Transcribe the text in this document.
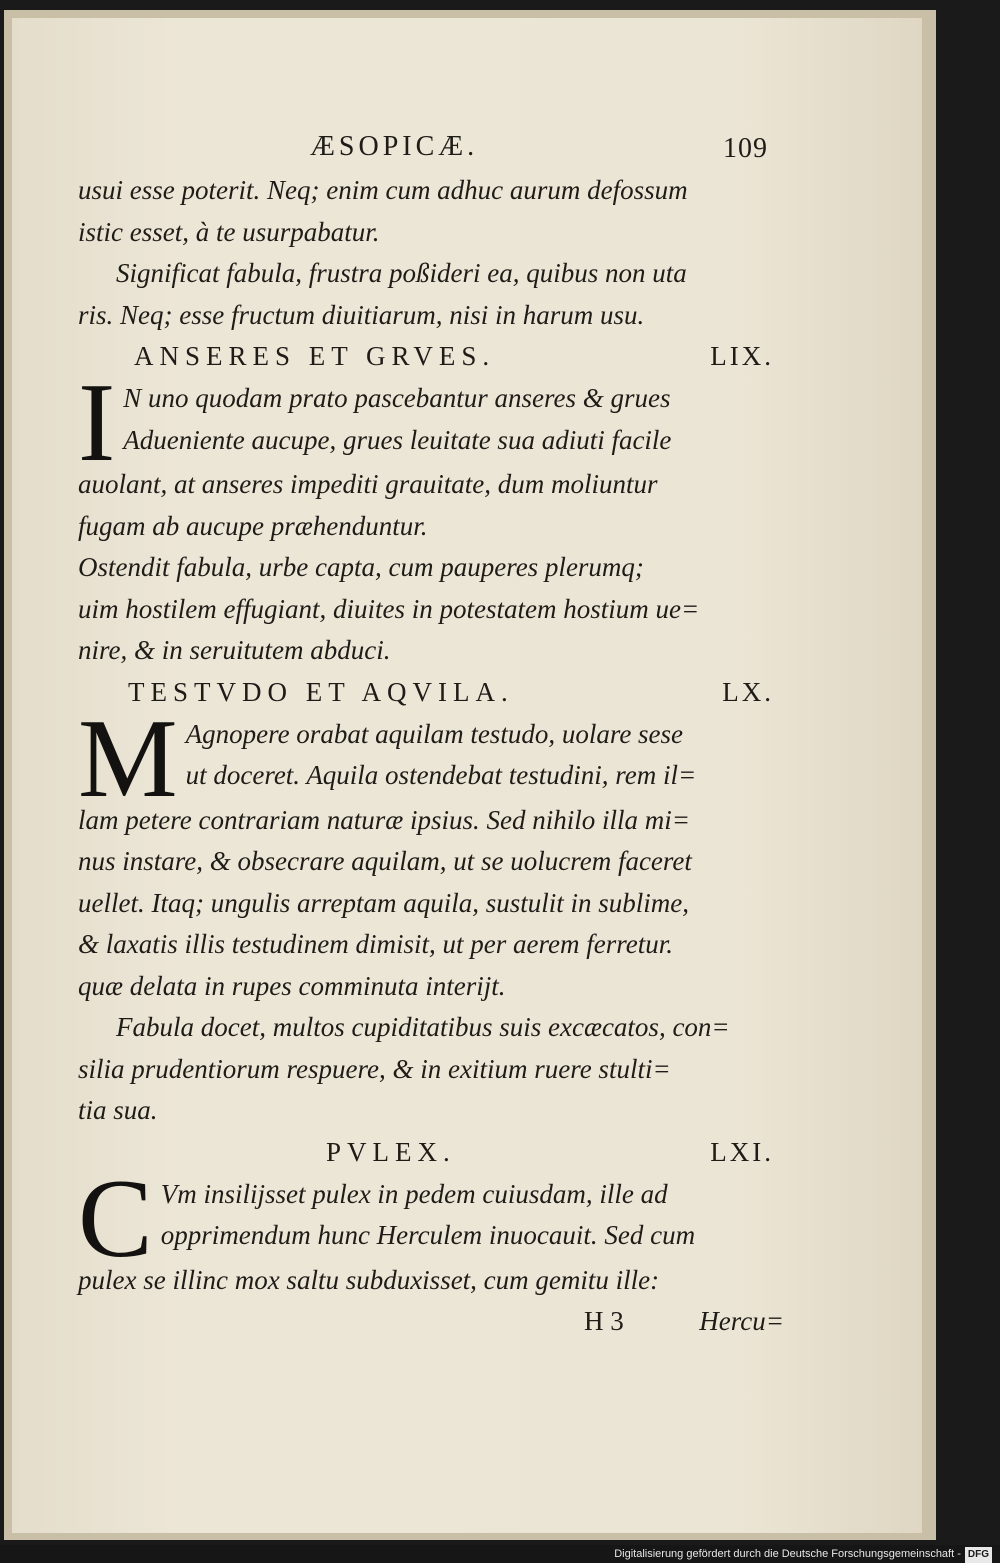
ÆSOPICÆ.	109
usui esse poterit. Neq; enim cum adhuc aurum defossum
istic esset, à te usurpabatur.
Significat fabula, frustra poßideri ea, quibus non uta
ris. Neq; esse fructum diuitiarum, nisi in harum usu.
ANSERES ET GRVES.	LIX.
I N uno quodam prato pascebantur anseres & grues
Adueniente aucupe, grues leuitate sua adiuti facile
auolant, at anseres impediti grauitate, dum moliuntur
fugam ab aucupe præhenduntur.
Ostendit fabula, urbe capta, cum pauperes plerumq;
uim hostilem effugiant, diuites in potestatem hostium ue=
nire, & in seruitutem abduci.
TESTVDO ET AQVILA.	LX.
M Agnopere orabat aquilam testudo, uolare sese
ut doceret. Aquila ostendebat testudini, rem il=
lam petere contrariam naturæ ipsius. Sed nihilo illa mi=
nus instare, & obsecrare aquilam, ut se uolucrem faceret
uellet. Itaq; ungulis arreptam aquila, sustulit in sublime,
& laxatis illis testudinem dimisit, ut per aerem ferretur.
quæ delata in rupes comminuta interijt.
Fabula docet, multos cupiditatibus suis excæcatos, con=
silia prudentiorum respuere, & in exitium ruere stulti=
tia sua.
PVLEX.	LXI.
C Vm insilijsset pulex in pedem cuiusdam, ille ad
opprimendum hunc Herculem inuocauit. Sed cum
pulex se illinc mox saltu subduxisset, cum gemitu ille:
H 3	Hercu=
Digitalisierung gefördert durch die Deutsche Forschungsgemeinschaft - DFG
